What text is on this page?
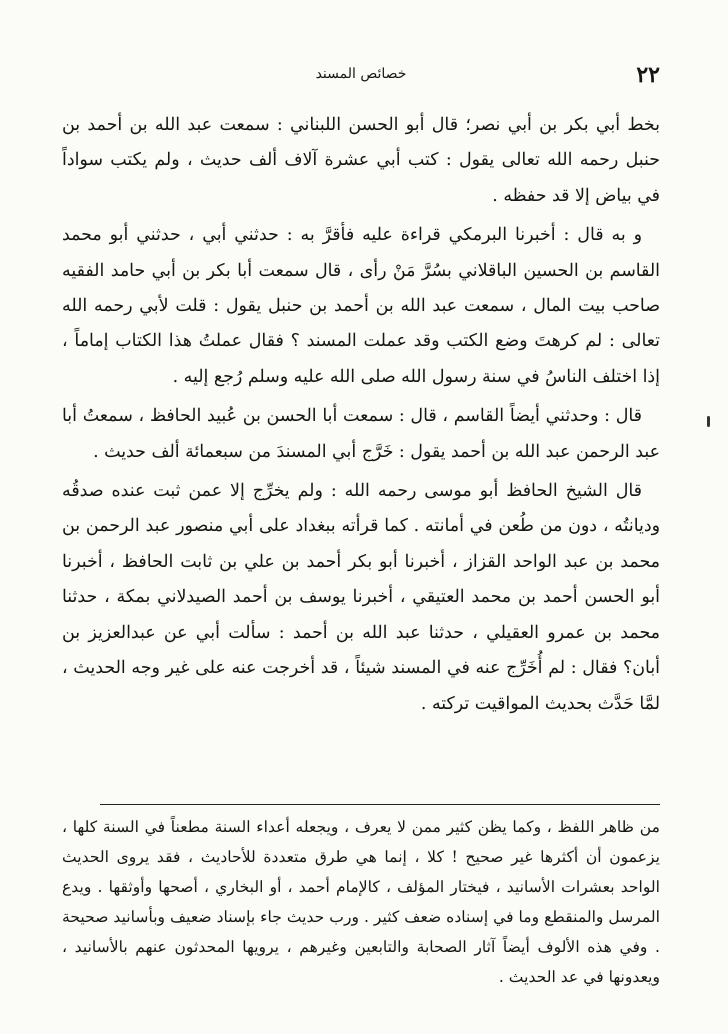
٢٢
خصائص المسند

بخط أبي بكر بن أبي نصر؛ قال أبو الحسن اللبناني : سمعت عبد الله بن أحمد بن حنبل رحمه الله تعالى يقول : كتب أبي عشرة آلاف ألف حديث ، ولم يكتب سواداً في بياض إلا قد حفظه .

و به قال : أخبرنا البرمكي قراءة عليه فأقرَّ به : حدثني أبي ، حدثني أبو محمد القاسم بن الحسين الباقلاني بسُرَّ مَنْ رأى ، قال سمعت أبا بكر بن أبي حامد الفقيه صاحب بيت المال ، سمعت عبد الله بن أحمد بن حنبل يقول : قلت لأبي رحمه الله تعالى : لم كرهتَ وضع الكتب وقد عملت المسند ؟ فقال عملتُ هذا الكتاب إماماً ، إذا اختلف الناسُ في سنة رسول الله صلى الله عليه وسلم رُجع إليه .

قال : وحدثني أيضاً القاسم ، قال : سمعت أبا الحسن بن عُبيد الحافظ ، سمعتُ أبا عبد الرحمن عبد الله بن أحمد يقول : خَرَّج أبي المسندَ من سبعمائة ألف حديث .

قال الشيخ الحافظ أبو موسى رحمه الله : ولم يخرِّج إلا عمن ثبت عنده صدقُه وديانتُه ، دون من طُعن في أمانته . كما قرأته ببغداد على أبي منصور عبد الرحمن بن محمد بن عبد الواحد القزاز ، أخبرنا أبو بكر أحمد بن علي بن ثابت الحافظ ، أخبرنا أبو الحسن أحمد بن محمد العتيقي ، أخبرنا يوسف بن أحمد الصيدلاني بمكة ، حدثنا محمد بن عمرو العقيلي ، حدثنا عبد الله بن أحمد : سألت أبي عن عبدالعزيز بن أبان؟ فقال : لم أُخَرِّج عنه في المسند شيئاً ، قد أخرجت عنه على غير وجه الحديث ، لمَّا حَدَّث بحديث المواقيت تركته .

من ظاهر اللفظ ، وكما يظن كثير ممن لا يعرف ، ويجعله أعداء السنة مطعناً في السنة كلها ، يزعمون أن أكثرها غير صحيح ! كلا ، إنما هي طرق متعددة للأحاديث ، فقد يروى الحديث الواحد بعشرات الأسانيد ، فيختار المؤلف ، كالإمام أحمد ، أو البخاري ، أصحها وأوثقها . ويدع المرسل والمنقطع وما في إسناده ضعف كثير . ورب حديث جاء بإسناد ضعيف وبأسانيد صحيحة . وفي هذه الألوف أيضاً آثار الصحابة والتابعين وغيرهم ، يرويها المحدثون عنهم بالأسانيد ، ويعدونها في عد الحديث .
